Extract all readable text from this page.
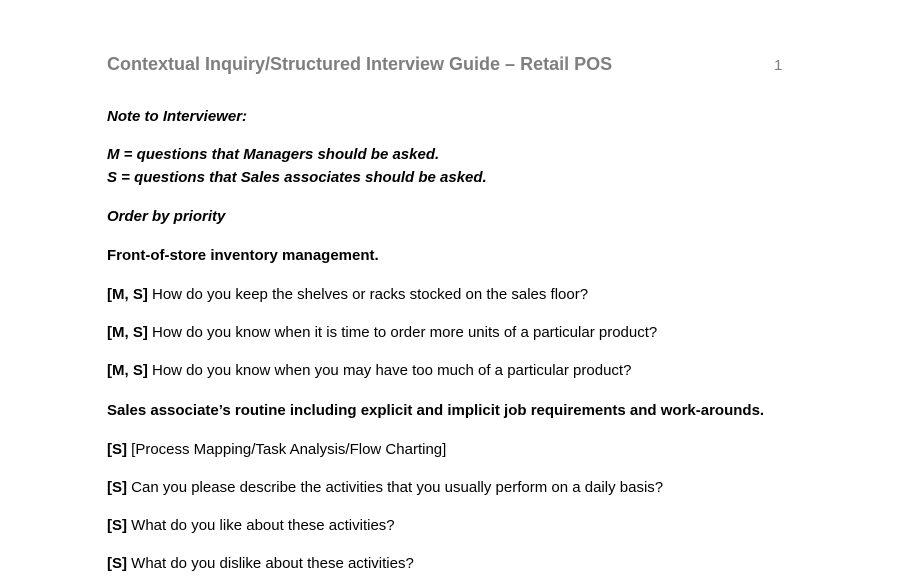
Contextual Inquiry/Structured Interview Guide – Retail POS	1
Note to Interviewer:
M = questions that Managers should be asked.
S = questions that Sales associates should be asked.
Order by priority
Front-of-store inventory management.
[M, S] How do you keep the shelves or racks stocked on the sales floor?
[M, S] How do you know when it is time to order more units of a particular product?
[M, S] How do you know when you may have too much of a particular product?
Sales associate’s routine including explicit and implicit job requirements and work-arounds.
[S] [Process Mapping/Task Analysis/Flow Charting]
[S] Can you please describe the activities that you usually perform on a daily basis?
[S] What do you like about these activities?
[S] What do you dislike about these activities?
